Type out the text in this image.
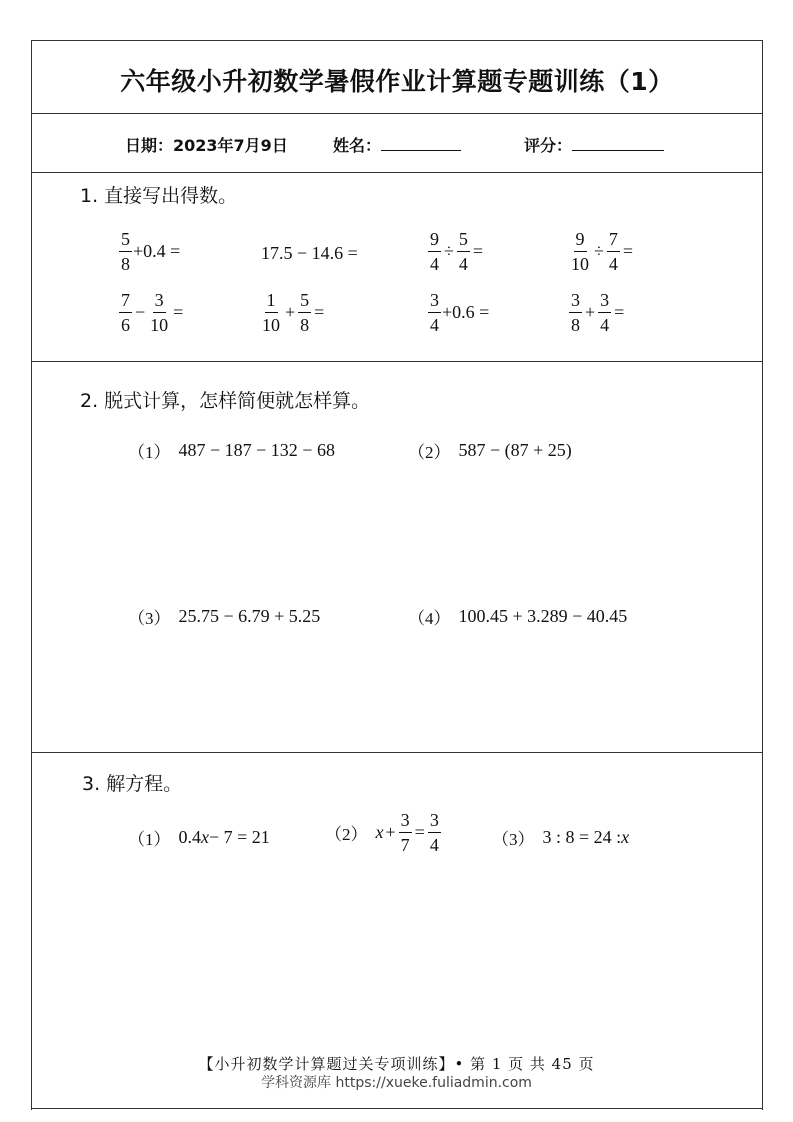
六年级小升初数学暑假作业计算题专题训练（1）
日期：2023年7月9日	姓名：	评分：
1. 直接写出得数。
$\frac{5}{8} +0.4$ =	17.5 − 14.6 =	$\frac{9}{4} \div \frac{5}{4}$ =	$\frac{9}{10} \div \frac{7}{4}$ =
$\frac{7}{6} - \frac{3}{10}$ =	$\frac{1}{10} + \frac{5}{8}$ =	$\frac{3}{4} +0.6$ =	$\frac{3}{8} + \frac{3}{4}$ =
2. 脱式计算，怎样简便就怎样算。
（1） 487 − 187 − 132 − 68	（2） 587 − (87 + 25)
（3） 25.75 − 6.79 + 5.25	（4） 100.45 + 3.289 − 40.45
3. 解方程。
（1） 0.4 x − 7 = 21	（2） $x + \frac{3}{7} = \frac{3}{4}$	（3） 3 : 8 = 24 : x
【小升初数学计算题过关专项训练】• 第 1 页 共 45 页
学科资源库 https://xueke.fuliadmin.com
